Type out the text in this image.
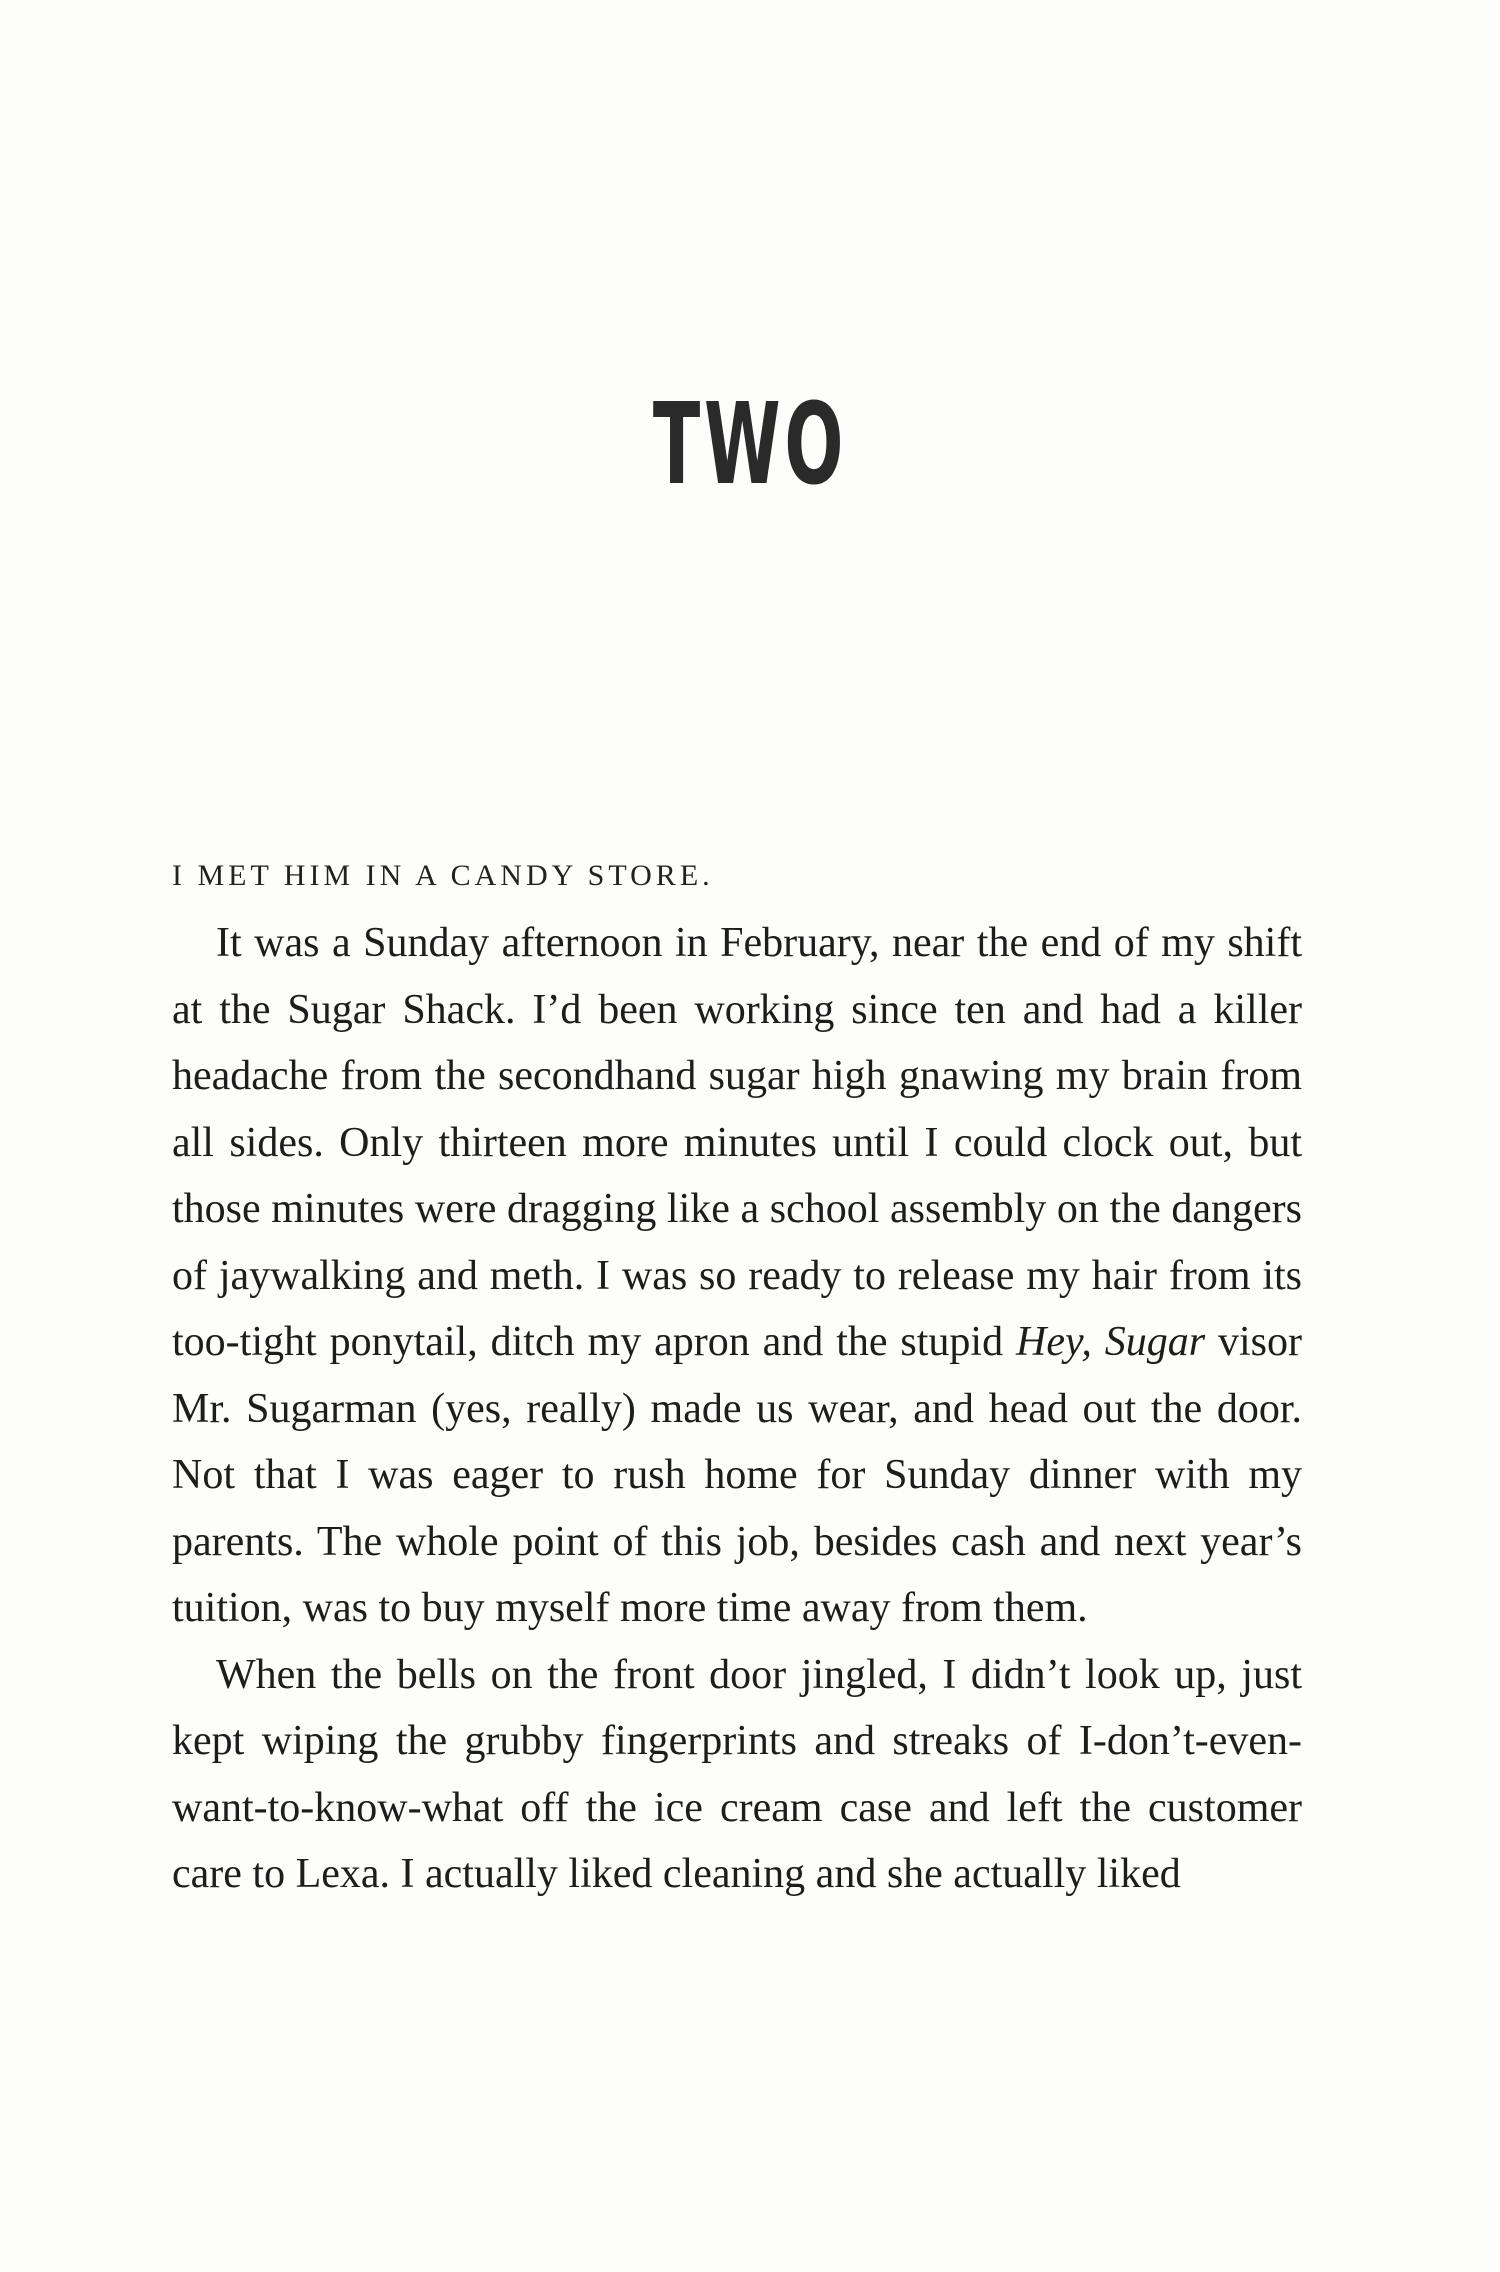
TWO
I MET HIM IN A CANDY STORE.

It was a Sunday afternoon in February, near the end of my shift at the Sugar Shack. I’d been working since ten and had a killer headache from the secondhand sugar high gnawing my brain from all sides. Only thirteen more minutes until I could clock out, but those minutes were dragging like a school assembly on the dangers of jaywalking and meth. I was so ready to release my hair from its too-tight ponytail, ditch my apron and the stupid Hey, Sugar visor Mr. Sugarman (yes, really) made us wear, and head out the door. Not that I was eager to rush home for Sunday dinner with my parents. The whole point of this job, besides cash and next year’s tuition, was to buy myself more time away from them.

When the bells on the front door jingled, I didn’t look up, just kept wiping the grubby fingerprints and streaks of I-don’t-even-want-to-know-what off the ice cream case and left the customer care to Lexa. I actually liked cleaning and she actually liked
